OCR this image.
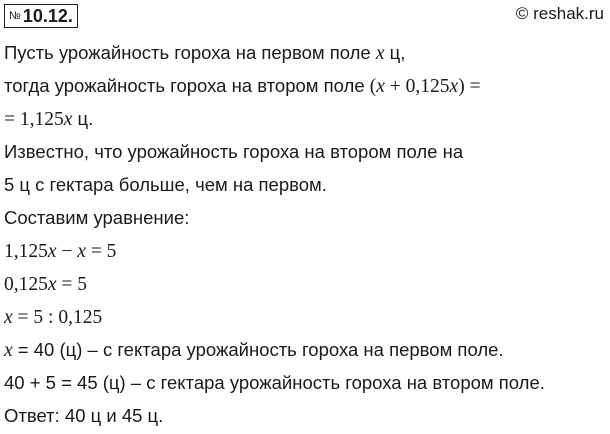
№ 10.12.	© reshak.ru
Пусть урожайность гороха на первом поле x ц,
тогда урожайность гороха на втором поле (x + 0,125x) =
= 1,125x ц.
Известно, что урожайность гороха на втором поле на
5 ц с гектара больше, чем на первом.
Составим уравнение:
1,125x − x = 5
0,125x = 5
x = 5 : 0,125
x = 40 (ц) – с гектара урожайность гороха на первом поле.
40 + 5 = 45 (ц) – с гектара урожайность гороха на втором поле.
Ответ: 40 ц и 45 ц.
